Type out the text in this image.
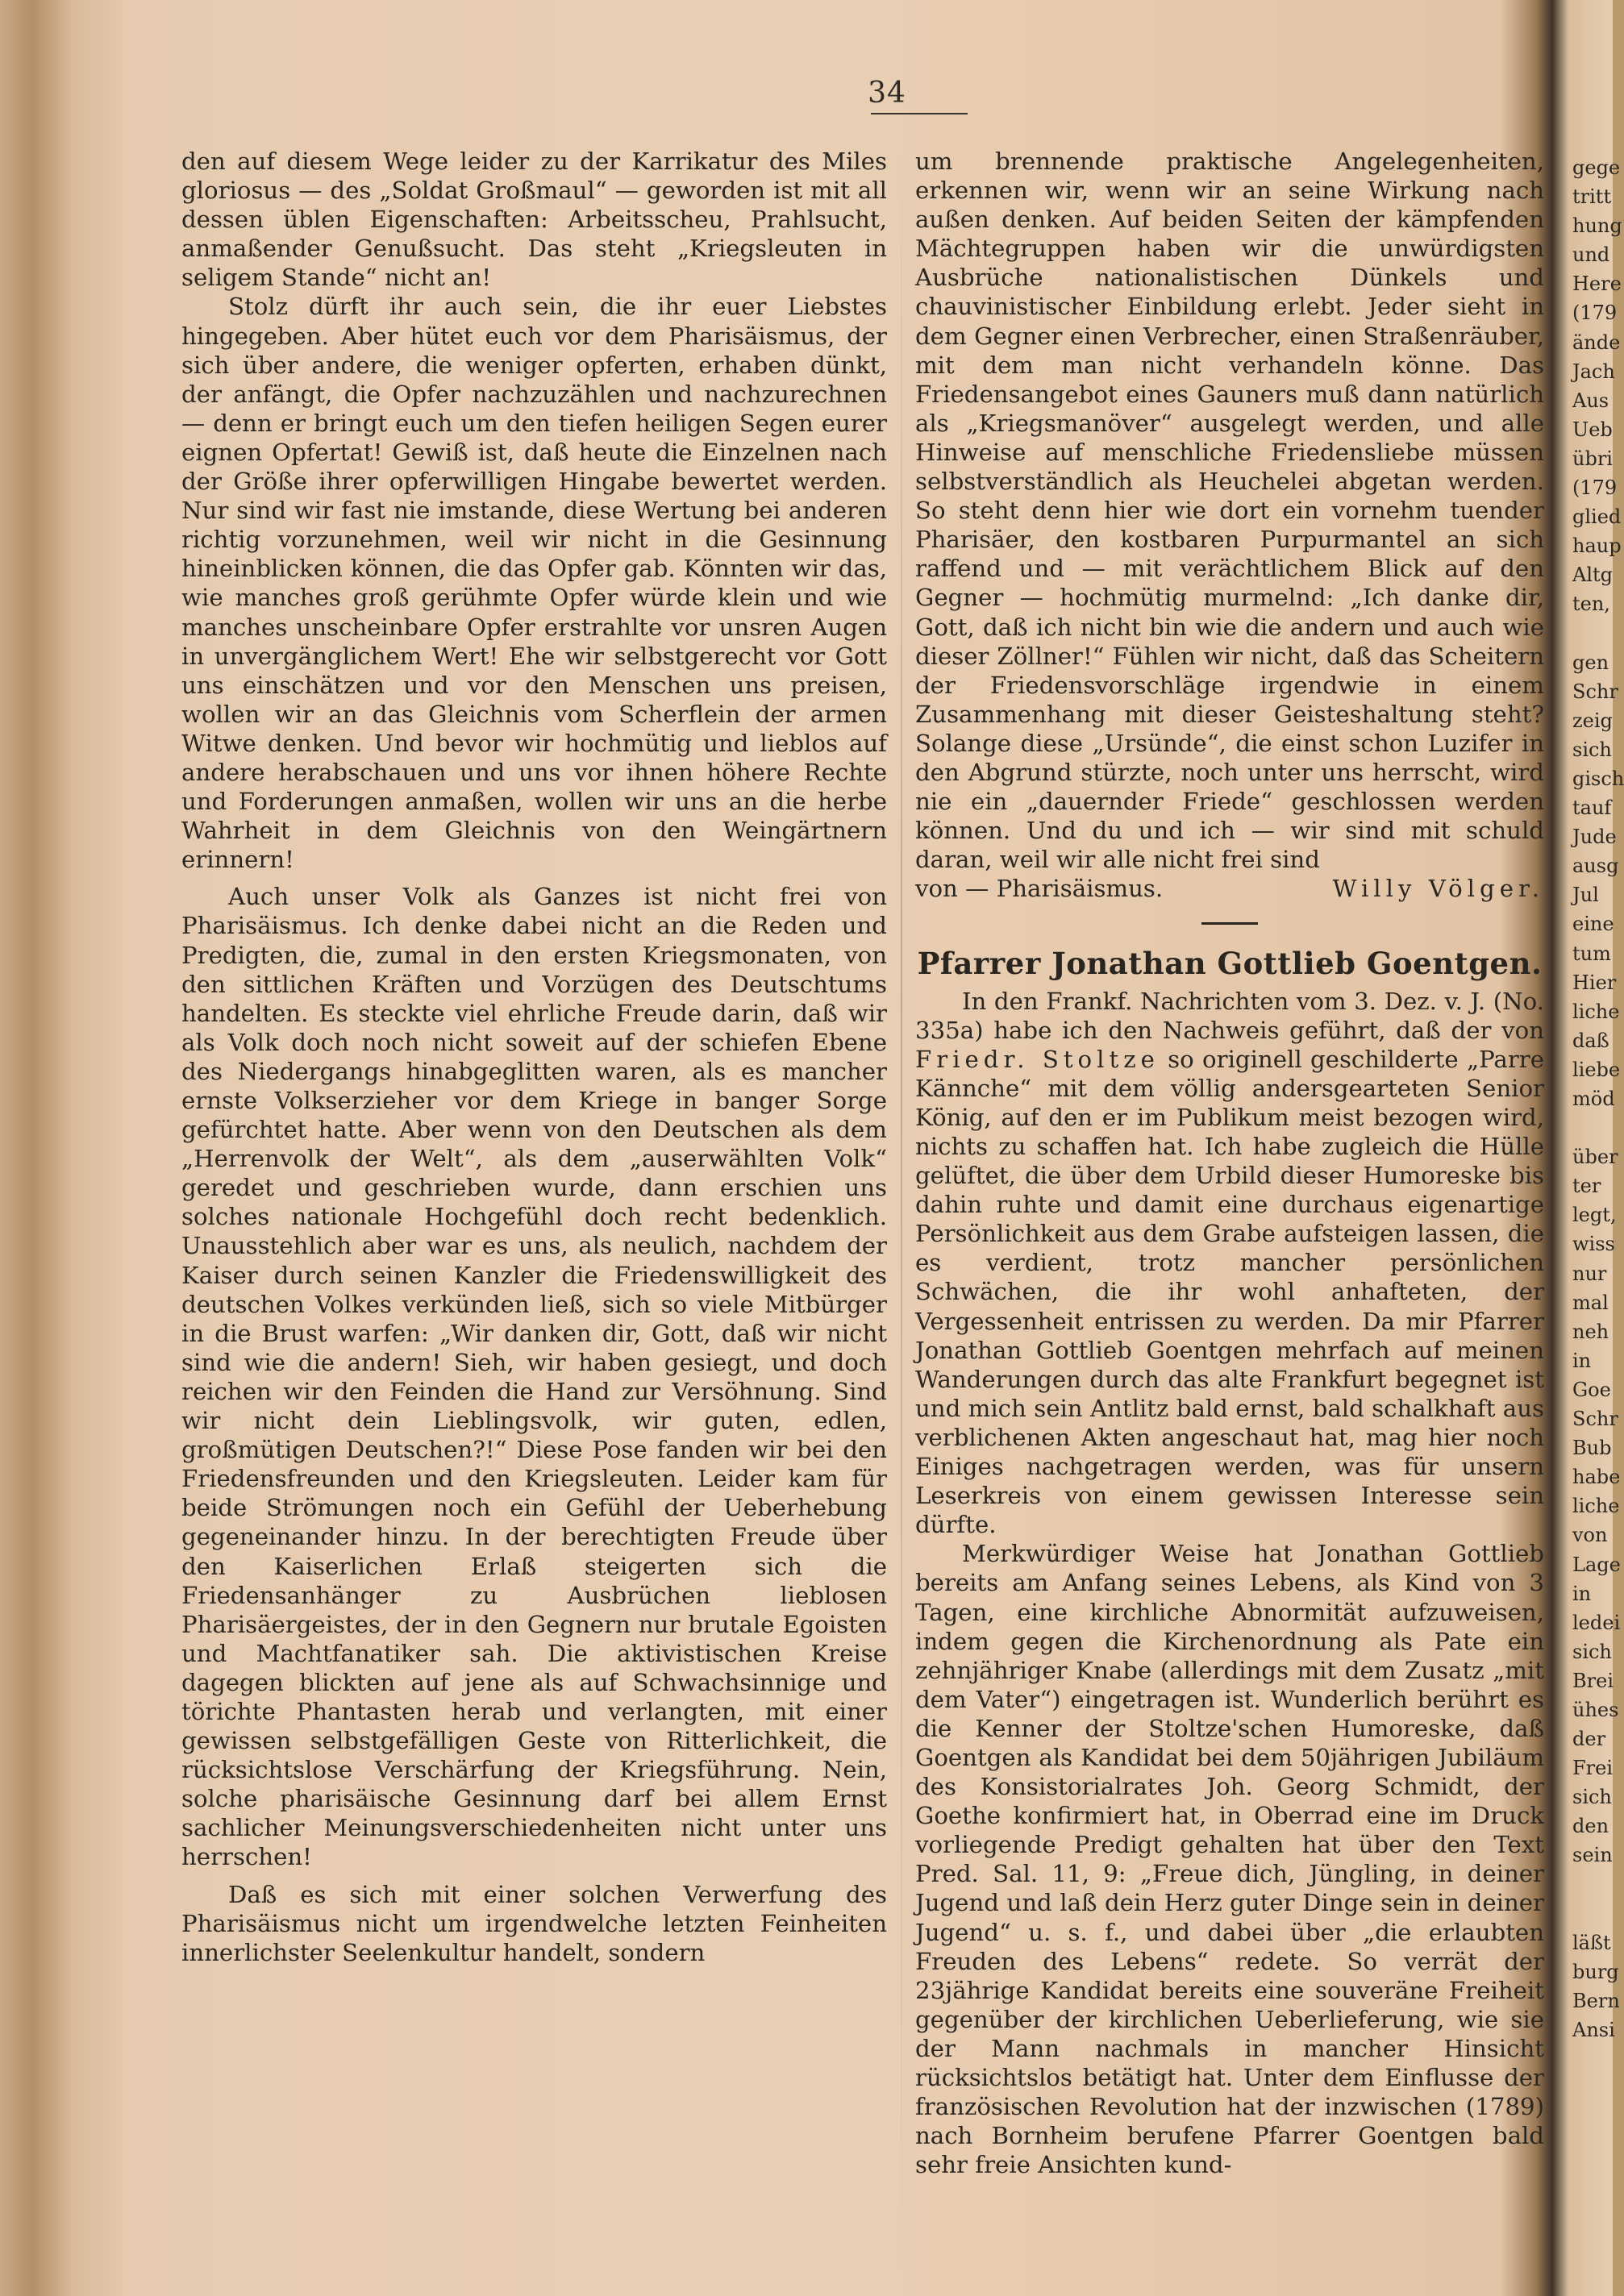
34

den auf diesem Wege leider zu der Karrikatur des Miles gloriosus — des „Soldat Großmaul“ — geworden ist mit all dessen üblen Eigenschaften: Arbeitsscheu, Prahlsucht, anmaßender Genußsucht. Das steht „Kriegsleuten in seligem Stande“ nicht an!

Stolz dürft ihr auch sein, die ihr euer Liebstes hingegeben. Aber hütet euch vor dem Pharisäismus, der sich über andere, die weniger opferten, erhaben dünkt, der anfängt, die Opfer nachzuzählen und nachzurechnen — denn er bringt euch um den tiefen heiligen Segen eurer eignen Opfertat! Gewiß ist, daß heute die Einzelnen nach der Größe ihrer opferwilligen Hingabe bewertet werden. Nur sind wir fast nie imstande, diese Wertung bei anderen richtig vorzunehmen, weil wir nicht in die Gesinnung hineinblicken können, die das Opfer gab. Könnten wir das, wie manches groß gerühmte Opfer würde klein und wie manches unscheinbare Opfer erstrahlte vor unsren Augen in unvergänglichem Wert! Ehe wir selbstgerecht vor Gott uns einschätzen und vor den Menschen uns preisen, wollen wir an das Gleichnis vom Scherflein der armen Witwe denken. Und bevor wir hochmütig und lieblos auf andere herabschauen und uns vor ihnen höhere Rechte und Forderungen anmaßen, wollen wir uns an die herbe Wahrheit in dem Gleichnis von den Weingärtnern erinnern!

Auch unser Volk als Ganzes ist nicht frei von Pharisäismus. Ich denke dabei nicht an die Reden und Predigten, die, zumal in den ersten Kriegsmonaten, von den sittlichen Kräften und Vorzügen des Deutschtums handelten. Es steckte viel ehrliche Freude darin, daß wir als Volk doch noch nicht soweit auf der schiefen Ebene des Niedergangs hinabgeglitten waren, als es mancher ernste Volkserzieher vor dem Kriege in banger Sorge gefürchtet hatte. Aber wenn von den Deutschen als dem „Herrenvolk der Welt“, als dem „auserwählten Volk“ geredet und geschrieben wurde, dann erschien uns solches nationale Hochgefühl doch recht bedenklich. Unausstehlich aber war es uns, als neulich, nachdem der Kaiser durch seinen Kanzler die Friedenswilligkeit des deutschen Volkes verkünden ließ, sich so viele Mitbürger in die Brust warfen: „Wir danken dir, Gott, daß wir nicht sind wie die andern! Sieh, wir haben gesiegt, und doch reichen wir den Feinden die Hand zur Versöhnung. Sind wir nicht dein Lieblingsvolk, wir guten, edlen, großmütigen Deutschen?!“ Diese Pose fanden wir bei den Friedensfreunden und den Kriegsleuten. Leider kam für beide Strömungen noch ein Gefühl der Ueberhebung gegeneinander hinzu. In der berechtigten Freude über den Kaiserlichen Erlaß steigerten sich die Friedensanhänger zu Ausbrüchen lieblosen Pharisäergeistes, der in den Gegnern nur brutale Egoisten und Machtfanatiker sah. Die aktivistischen Kreise dagegen blickten auf jene als auf Schwachsinnige und törichte Phantasten herab und verlangten, mit einer gewissen selbstgefälligen Geste von Ritterlichkeit, die rücksichtslose Verschärfung der Kriegsführung. Nein, solche pharisäische Gesinnung darf bei allem Ernst sachlicher Meinungsverschiedenheiten nicht unter uns herrschen!

Daß es sich mit einer solchen Verwerfung des Pharisäismus nicht um irgendwelche letzten Feinheiten innerlichster Seelenkultur handelt, sondern

um brennende praktische Angelegenheiten, erkennen wir, wenn wir an seine Wirkung nach außen denken. Auf beiden Seiten der kämpfenden Mächtegruppen haben wir die unwürdigsten Ausbrüche nationalistischen Dünkels und chauvinistischer Einbildung erlebt. Jeder sieht in dem Gegner einen Verbrecher, einen Straßenräuber, mit dem man nicht verhandeln könne. Das Friedensangebot eines Gauners muß dann natürlich als „Kriegsmanöver“ ausgelegt werden, und alle Hinweise auf menschliche Friedensliebe müssen selbstverständlich als Heuchelei abgetan werden. So steht denn hier wie dort ein vornehm tuender Pharisäer, den kostbaren Purpurmantel an sich raffend und — mit verächtlichem Blick auf den Gegner — hochmütig murmelnd: „Ich danke dir, Gott, daß ich nicht bin wie die andern und auch wie dieser Zöllner!“ Fühlen wir nicht, daß das Scheitern der Friedensvorschläge irgendwie in einem Zusammenhang mit dieser Geisteshaltung steht? Solange diese „Ursünde“, die einst schon Luzifer in den Abgrund stürzte, noch unter uns herrscht, wird nie ein „dauernder Friede“ geschlossen werden können. Und du und ich — wir sind mit schuld daran, weil wir alle nicht frei sind

von — Pharisäismus.	Willy Völger.
Pfarrer Jonathan Gottlieb Goentgen.

In den Frankf. Nachrichten vom 3. Dez. v. J. (No. 335a) habe ich den Nachweis geführt, daß der von Friedr. Stoltze so originell geschilderte „Parre Kännche“ mit dem völlig andersgearteten Senior König, auf den er im Publikum meist bezogen wird, nichts zu schaffen hat. Ich habe zugleich die Hülle gelüftet, die über dem Urbild dieser Humoreske bis dahin ruhte und damit eine durchaus eigenartige Persönlichkeit aus dem Grabe aufsteigen lassen, die es verdient, trotz mancher persönlichen Schwächen, die ihr wohl anhafteten, der Vergessenheit entrissen zu werden. Da mir Pfarrer Jonathan Gottlieb Goentgen mehrfach auf meinen Wanderungen durch das alte Frankfurt begegnet ist und mich sein Antlitz bald ernst, bald schalkhaft aus verblichenen Akten angeschaut hat, mag hier noch Einiges nachgetragen werden, was für unsern Leserkreis von einem gewissen Interesse sein dürfte.

Merkwürdiger Weise hat Jonathan Gottlieb bereits am Anfang seines Lebens, als Kind von 3 Tagen, eine kirchliche Abnormität aufzuweisen, indem gegen die Kirchenordnung als Pate ein zehnjähriger Knabe (allerdings mit dem Zusatz „mit dem Vater“) eingetragen ist. Wunderlich berührt es die Kenner der Stoltze'schen Humoreske, daß Goentgen als Kandidat bei dem 50jährigen Jubiläum des Konsistorialrates Joh. Georg Schmidt, der Goethe konfirmiert hat, in Oberrad eine im Druck vorliegende Predigt gehalten hat über den Text Pred. Sal. 11, 9: „Freue dich, Jüngling, in deiner Jugend und laß dein Herz guter Dinge sein in deiner Jugend“ u. s. f., und dabei über „die erlaubten Freuden des Lebens“ redete. So verrät der 23jährige Kandidat bereits eine souveräne Freiheit gegenüber der kirchlichen Ueberlieferung, wie sie der Mann nachmals in mancher Hinsicht rücksichtslos betätigt hat. Unter dem Einflusse der französischen Revolution hat der inzwischen (1789) nach Bornheim berufene Pfarrer Goentgen bald sehr freie Ansichten kund-

gege
tritt
hung
und
Here
(179
ände
Jach
Aus
Ueb
übri
(179
glied
haup
Altg
ten,
gen
Schr
zeig
sich
gisch
tauf
Jude
ausg
Jul
eine
tum
Hier
liche
daß
liebe
möd
über
ter
legt,
wiss
nur
mal
neh
in
Goe
Schr
Bub
habe
liche
von
Lage
in
ledei
sich
Brei
ühes
der
Frei
sich
den
sein
läßt
burg
Bern
Ansi
